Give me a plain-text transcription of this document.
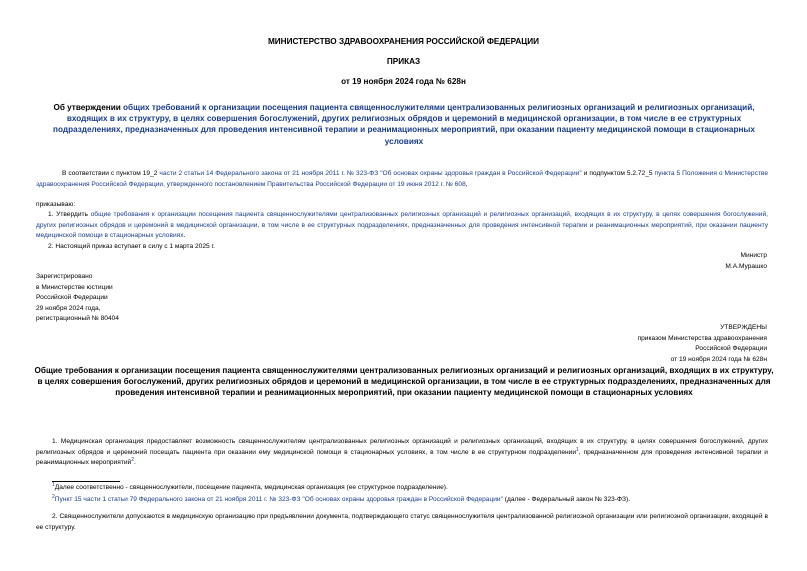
МИНИСТЕРСТВО ЗДРАВООХРАНЕНИЯ РОССИЙСКОЙ ФЕДЕРАЦИИ
ПРИКАЗ
от 19 ноября 2024 года № 628н
Об утверждении общих требований к организации посещения пациента священнослужителями централизованных религиозных организаций и религиозных организаций, входящих в их структуру, в целях совершения богослужений, других религиозных обрядов и церемоний в медицинской организации, в том числе в ее структурных подразделениях, предназначенных для проведения интенсивной терапии и реанимационных мероприятий, при оказании пациенту медицинской помощи в стационарных условиях
В соответствии с пунктом 19_2 части 2 статьи 14 Федерального закона от 21 ноября 2011 г. № 323-ФЗ "Об основах охраны здоровья граждан в Российской Федерации" и подпунктом 5.2.72_5 пункта 5 Положения о Министерстве здравоохранения Российской Федерации, утвержденного постановлением Правительства Российской Федерации от 19 июня 2012 г. № 608,
приказываю:
1. Утвердить общие требования к организации посещения пациента священнослужителями централизованных религиозных организаций и религиозных организаций, входящих в их структуру, в целях совершения богослужений, других религиозных обрядов и церемоний в медицинской организации, в том числе в ее структурных подразделениях, предназначенных для проведения интенсивной терапии и реанимационных мероприятий, при оказании пациенту медицинской помощи в стационарных условиях.
2. Настоящий приказ вступает в силу с 1 марта 2025 г.
Министр
М.А.Мурашко
Зарегистрировано
в Министерстве юстиции
Российской Федерации
29 ноября 2024 года,
регистрационный № 80404
УТВЕРЖДЕНЫ
приказом Министерства здравоохранения
Российской Федерации
от 19 ноября 2024 года № 628н
Общие требования к организации посещения пациента священнослужителями централизованных религиозных организаций и религиозных организаций, входящих в их структуру, в целях совершения богослужений, других религиозных обрядов и церемоний в медицинской организации, в том числе в ее структурных подразделениях, предназначенных для проведения интенсивной терапии и реанимационных мероприятий, при оказании пациенту медицинской помощи в стационарных условиях
1. Медицинская организация предоставляет возможность священнослужителям централизованных религиозных организаций и религиозных организаций, входящих в их структуру, в целях совершения богослужений, других религиозных обрядов и церемоний посещать пациента при оказании ему медицинской помощи в стационарных условиях, в том числе в ее структурном подразделении$^1$, предназначенном для проведения интенсивной терапии и реанимационных мероприятий$^2$.
$^1$Далее соответственно - священнослужители, посещение пациента, медицинская организация (ее структурное подразделение).
$^2$Пункт 15 части 1 статьи 79 Федерального закона от 21 ноября 2011 г. № 323-ФЗ "Об основах охраны здоровья граждан в Российской Федерации" (далее - Федеральный закон № 323-ФЗ).
2. Священнослужители допускаются в медицинскую организацию при предъявлении документа, подтверждающего статус священнослужителя централизованной религиозной организации или религиозной организации, входящей в ее структуру.
